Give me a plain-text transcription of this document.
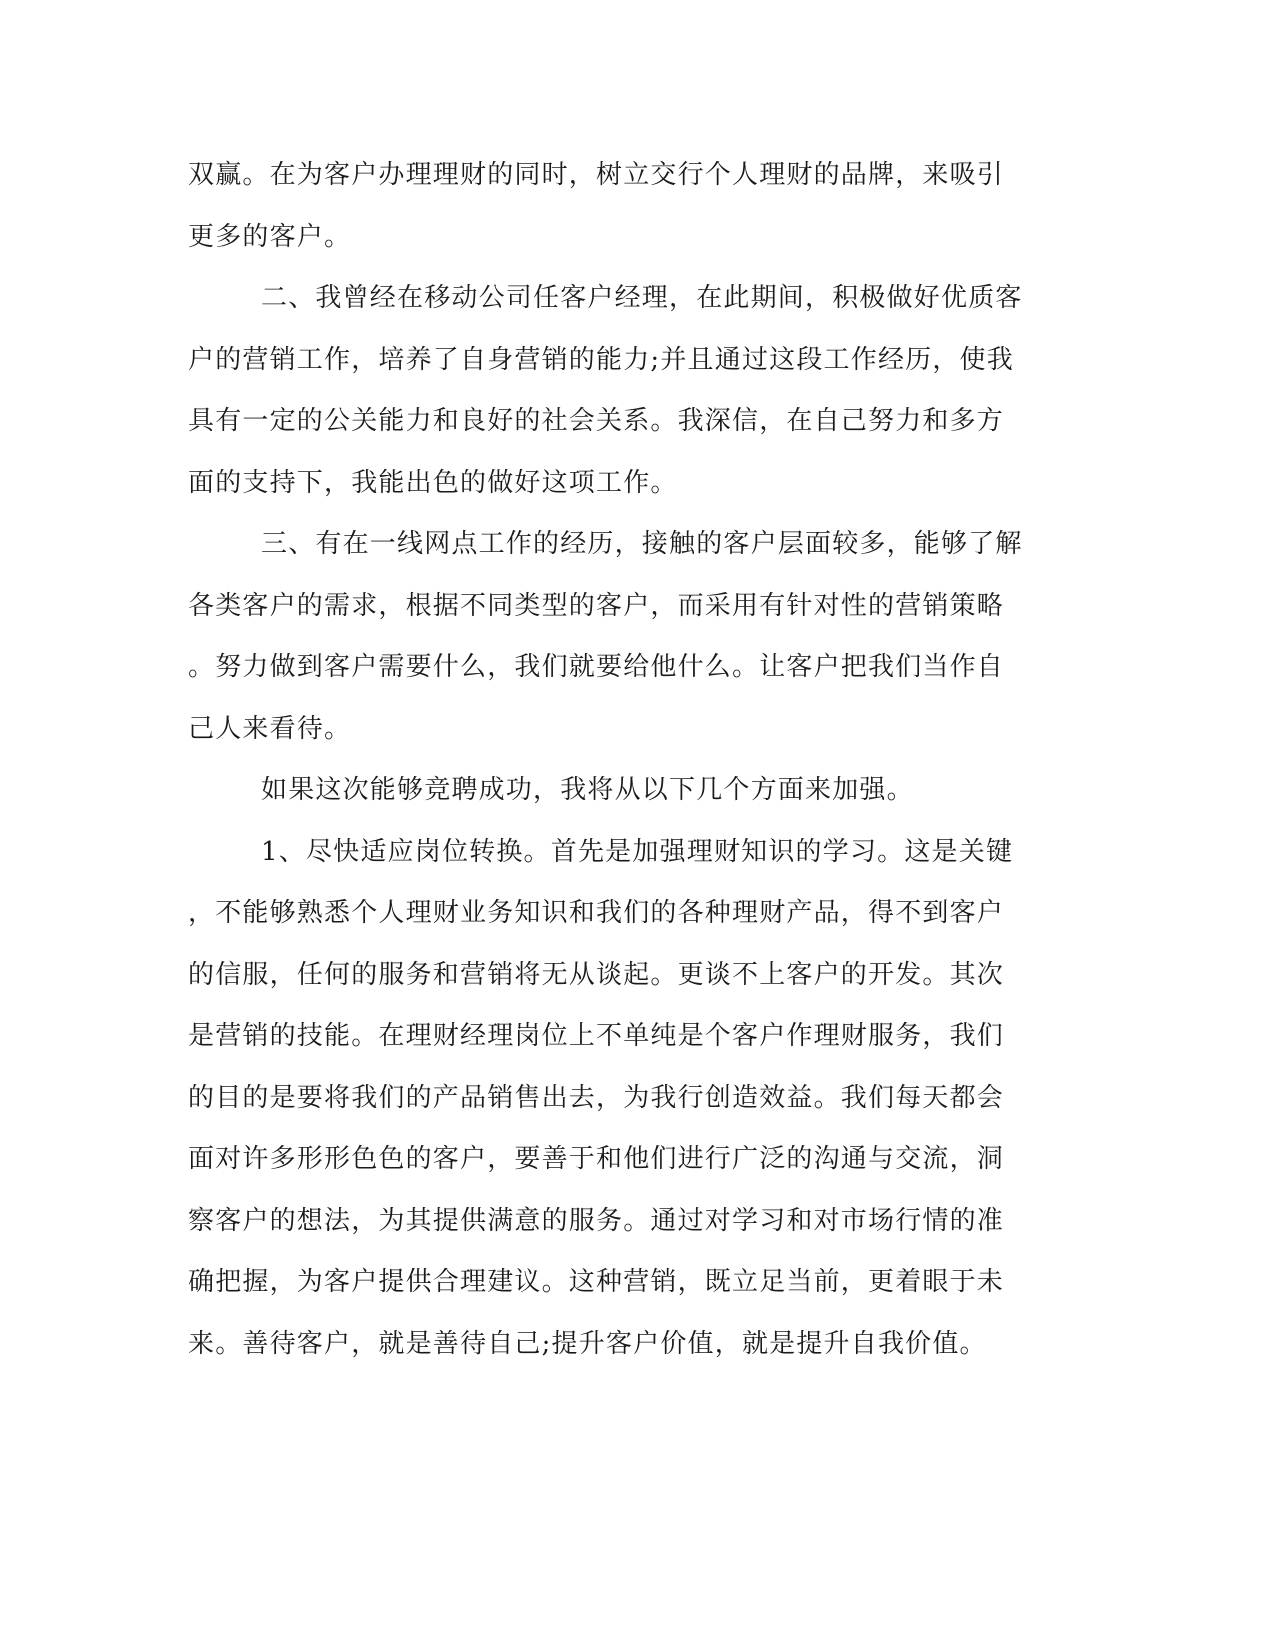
双赢。在为客户办理理财的同时，树立交行个人理财的品牌，来吸引
更多的客户。
二、我曾经在移动公司任客户经理，在此期间，积极做好优质客
户的营销工作，培养了自身营销的能力;并且通过这段工作经历，使我
具有一定的公关能力和良好的社会关系。我深信，在自己努力和多方
面的支持下，我能出色的做好这项工作。
三、有在一线网点工作的经历，接触的客户层面较多，能够了解
各类客户的需求，根据不同类型的客户，而采用有针对性的营销策略
。努力做到客户需要什么，我们就要给他什么。让客户把我们当作自
己人来看待。
如果这次能够竞聘成功，我将从以下几个方面来加强。
1、尽快适应岗位转换。首先是加强理财知识的学习。这是关键
，不能够熟悉个人理财业务知识和我们的各种理财产品，得不到客户
的信服，任何的服务和营销将无从谈起。更谈不上客户的开发。其次
是营销的技能。在理财经理岗位上不单纯是个客户作理财服务，我们
的目的是要将我们的产品销售出去，为我行创造效益。我们每天都会
面对许多形形色色的客户，要善于和他们进行广泛的沟通与交流，洞
察客户的想法，为其提供满意的服务。通过对学习和对市场行情的准
确把握，为客户提供合理建议。这种营销，既立足当前，更着眼于未
来。善待客户，就是善待自己;提升客户价值，就是提升自我价值。
